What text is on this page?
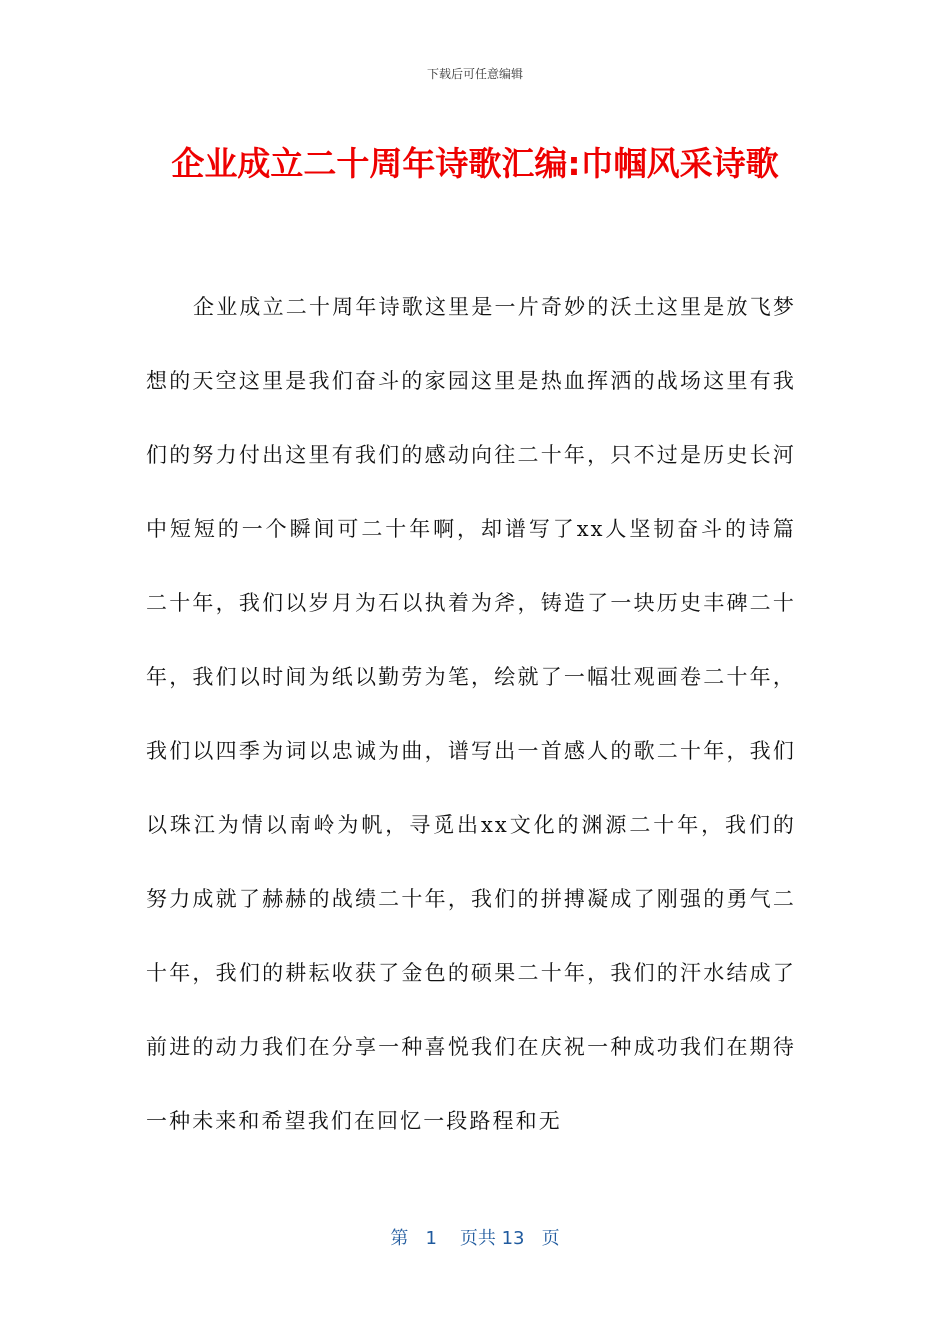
下载后可任意编辑
企业成立二十周年诗歌汇编:巾帼风采诗歌

企业成立二十周年诗歌这里是一片奇妙的沃土这里是放飞梦想的天空这里是我们奋斗的家园这里是热血挥洒的战场这里有我们的努力付出这里有我们的感动向往二十年，只不过是历史长河中短短的一个瞬间可二十年啊，却谱写了xx人坚韧奋斗的诗篇二十年，我们以岁月为石以执着为斧，铸造了一块历史丰碑二十年，我们以时间为纸以勤劳为笔，绘就了一幅壮观画卷二十年，我们以四季为词以忠诚为曲，谱写出一首感人的歌二十年，我们以珠江为情以南岭为帆，寻觅出xx文化的渊源二十年，我们的努力成就了赫赫的战绩二十年，我们的拼搏凝成了刚强的勇气二十年，我们的耕耘收获了金色的硕果二十年，我们的汗水结成了前进的动力我们在分享一种喜悦我们在庆祝一种成功我们在期待一种未来和希望我们在回忆一段路程和无

第 1 页共 13 页
